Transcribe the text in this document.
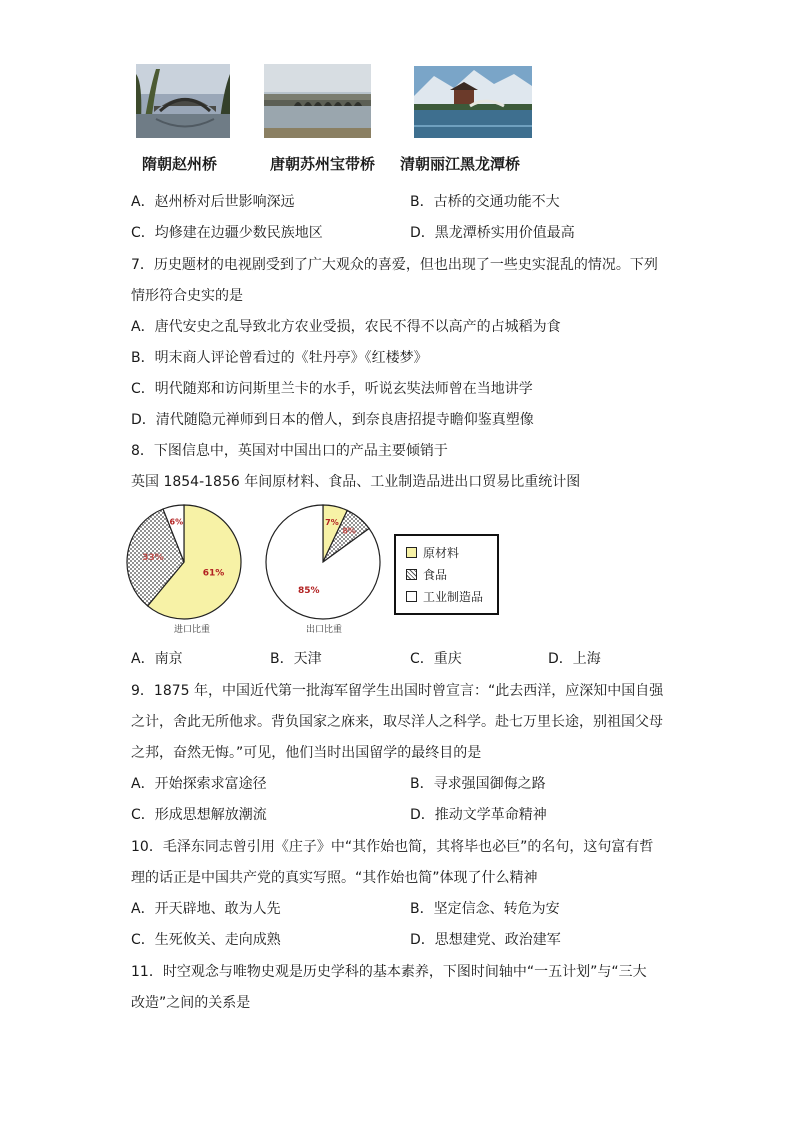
隋朝赵州桥	唐朝苏州宝带桥 清朝丽江黑龙潭桥
A．赵州桥对后世影响深远	B．古桥的交通功能不大
C．均修建在边疆少数民族地区	D．黑龙潭桥实用价值最高
7．历史题材的电视剧受到了广大观众的喜爱，但也出现了一些史实混乱的情况。下列
情形符合史实的是
A．唐代安史之乱导致北方农业受损，农民不得不以高产的占城稻为食
B．明末商人评论曾看过的《牡丹亭》《红楼梦》
C．明代随郑和访问斯里兰卡的水手，听说玄奘法师曾在当地讲学
D．清代随隐元禅师到日本的僧人，到奈良唐招提寺瞻仰鉴真塑像
8．下图信息中，英国对中国出口的产品主要倾销于
英国 1854-1856 年间原材料、食品、工业制造品进出口贸易比重统计图
61%
33%
6%	7%
8%
85%
进口比重	出口比重
原材料
食品
工业制造品
A．南京	B．天津	C．重庆	D．上海
9．1875 年，中国近代第一批海军留学生出国时曾宣言：“此去西洋，应深知中国自强
之计，舍此无所他求。背负国家之庥来，取尽洋人之科学。赴七万里长途，别祖国父母
之邦，奋然无悔。”可见，他们当时出国留学的最终目的是
A．开始探索求富途径	B．寻求强国御侮之路
C．形成思想解放潮流	D．推动文学革命精神
10．毛泽东同志曾引用《庄子》中“其作始也简，其将毕也必巨”的名句，这句富有哲
理的话正是中国共产党的真实写照。“其作始也简”体现了什么精神
A．开天辟地、敢为人先	B．坚定信念、转危为安
C．生死攸关、走向成熟	D．思想建党、政治建军
11．时空观念与唯物史观是历史学科的基本素养，下图时间轴中“一五计划”与“三大
改造”之间的关系是
